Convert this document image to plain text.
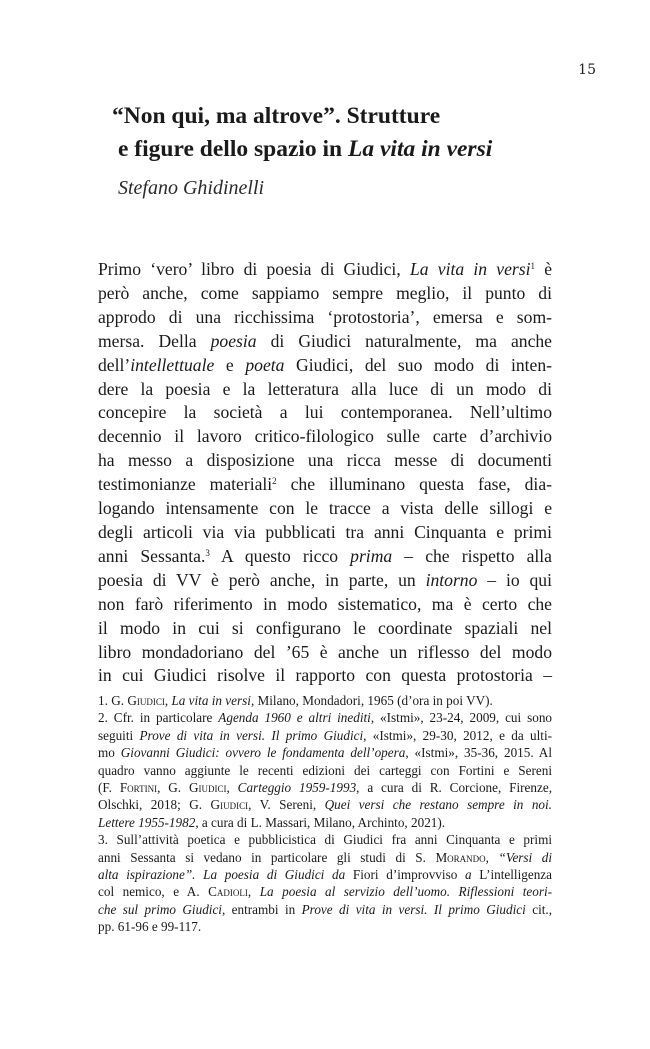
15
“Non qui, ma altrove”. Strutture
e figure dello spazio in La vita in versi
Stefano Ghidinelli
Primo ‘vero’ libro di poesia di Giudici, La vita in versi$^1$ è
però anche, come sappiamo sempre meglio, il punto di
approdo di una ricchissima ‘protostoria’, emersa e som-
mersa. Della poesia di Giudici naturalmente, ma anche
dell’intellettuale e poeta Giudici, del suo modo di inten-
dere la poesia e la letteratura alla luce di un modo di
concepire la società a lui contemporanea. Nell’ultimo
decennio il lavoro critico-filologico sulle carte d’archivio
ha messo a disposizione una ricca messe di documenti
testimonianze materiali$^2$ che illuminano questa fase, dia-
logando intensamente con le tracce a vista delle sillogi e
degli articoli via via pubblicati tra anni Cinquanta e primi
anni Sessanta.$^3$ A questo ricco prima – che rispetto alla
poesia di VV è però anche, in parte, un intorno – io qui
non farò riferimento in modo sistematico, ma è certo che
il modo in cui si configurano le coordinate spaziali nel
libro mondadoriano del ’65 è anche un riflesso del modo
in cui Giudici risolve il rapporto con questa protostoria –
1. G. Giudici, La vita in versi, Milano, Mondadori, 1965 (d’ora in poi VV).
2. Cfr. in particolare Agenda 1960 e altri inediti, «Istmi», 23-24, 2009, cui sono
seguiti Prove di vita in versi. Il primo Giudici, «Istmi», 29-30, 2012, e da ulti-
mo Giovanni Giudici: ovvero le fondamenta dell’opera, «Istmi», 35-36, 2015. Al
quadro vanno aggiunte le recenti edizioni dei carteggi con Fortini e Sereni
(F. Fortini, G. Giudici, Carteggio 1959-1993, a cura di R. Corcione, Firenze,
Olschki, 2018; G. Giudici, V. Sereni, Quei versi che restano sempre in noi.
Lettere 1955-1982, a cura di L. Massari, Milano, Archinto, 2021).
3. Sull’attività poetica e pubblicistica di Giudici fra anni Cinquanta e primi
anni Sessanta si vedano in particolare gli studi di S. Morando, “Versi di
alta ispirazione”. La poesia di Giudici da Fiori d’improvviso a L’intelligenza
col nemico, e A. Cadioli, La poesia al servizio dell’uomo. Riflessioni teori-
che sul primo Giudici, entrambi in Prove di vita in versi. Il primo Giudici cit.,
pp. 61-96 e 99-117.
